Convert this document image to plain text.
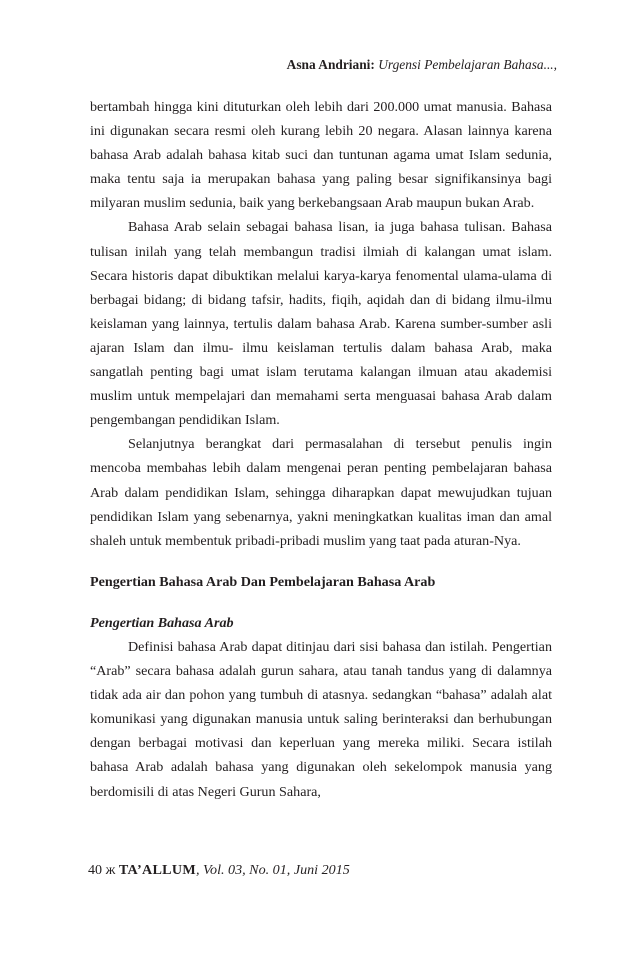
Asna Andriani: Urgensi Pembelajaran Bahasa...,

bertambah hingga kini dituturkan oleh lebih dari 200.000 umat manusia. Bahasa ini digunakan secara resmi oleh kurang lebih 20 negara. Alasan lainnya karena bahasa Arab adalah bahasa kitab suci dan tuntunan agama umat Islam sedunia, maka tentu saja ia merupakan bahasa yang paling besar signifikansinya bagi milyaran muslim sedunia, baik yang berkebangsaan Arab maupun bukan Arab.

Bahasa Arab selain sebagai bahasa lisan, ia juga bahasa tulisan. Bahasa tulisan inilah yang telah membangun tradisi ilmiah di kalangan umat islam. Secara historis dapat dibuktikan melalui karya-karya fenomental ulama-ulama di berbagai bidang; di bidang tafsir, hadits, fiqih, aqidah dan di bidang ilmu-ilmu keislaman yang lainnya, tertulis dalam bahasa Arab. Karena sumber-sumber asli ajaran Islam dan ilmu- ilmu keislaman tertulis dalam bahasa Arab, maka sangatlah penting bagi umat islam terutama kalangan ilmuan atau akademisi muslim untuk mempelajari dan memahami serta menguasai bahasa Arab dalam pengembangan pendidikan Islam.

Selanjutnya berangkat dari permasalahan di tersebut penulis ingin mencoba membahas lebih dalam mengenai peran penting pembelajaran bahasa Arab dalam pendidikan Islam, sehingga diharapkan dapat mewujudkan tujuan pendidikan Islam yang sebenarnya, yakni meningkatkan kualitas iman dan amal shaleh untuk membentuk pribadi-pribadi muslim yang taat pada aturan-Nya.

Pengertian Bahasa Arab Dan Pembelajaran Bahasa Arab
Pengertian Bahasa Arab

Definisi bahasa Arab dapat ditinjau dari sisi bahasa dan istilah. Pengertian “Arab” secara bahasa adalah gurun sahara, atau tanah tandus yang di dalamnya tidak ada air dan pohon yang tumbuh di atasnya. sedangkan “bahasa” adalah alat komunikasi yang digunakan manusia untuk saling berinteraksi dan berhubungan dengan berbagai motivasi dan keperluan yang mereka miliki. Secara istilah bahasa Arab adalah bahasa yang digunakan oleh sekelompok manusia yang berdomisili di atas Negeri Gurun Sahara,

40 ж TA’ALLUM, Vol. 03, No. 01, Juni 2015
